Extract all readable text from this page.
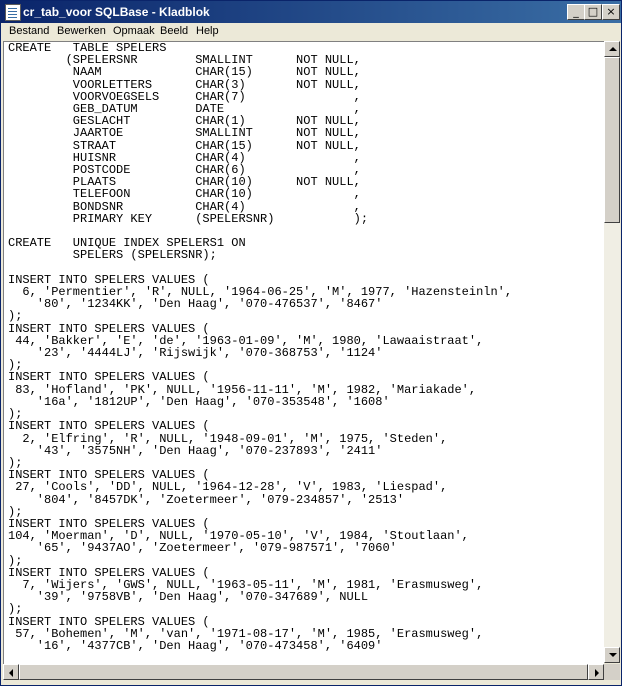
cr_tab_voor SQLBase - Kladblok	_ □ ×
Bestand Bewerken Opmaak Beeld Help
CREATE   TABLE SPELERS
(SPELERSNR        SMALLINT      NOT NULL,
NAAM             CHAR(15)      NOT NULL,
VOORLETTERS      CHAR(3)       NOT NULL,
VOORVOEGSELS     CHAR(7)               ,
GEB_DATUM        DATE                  ,
GESLACHT         CHAR(1)       NOT NULL,
JAARTOE          SMALLINT      NOT NULL,
STRAAT           CHAR(15)      NOT NULL,
HUISNR           CHAR(4)               ,
POSTCODE         CHAR(6)               ,
PLAATS           CHAR(10)      NOT NULL,
TELEFOON         CHAR(10)              ,
BONDSNR          CHAR(4)               ,
PRIMARY KEY      (SPELERSNR)           );

CREATE   UNIQUE INDEX SPELERS1 ON
SPELERS (SPELERSNR);

INSERT INTO SPELERS VALUES (
6, 'Permentier', 'R', NULL, '1964-06-25', 'M', 1977, 'Hazensteinln',
'80', '1234KK', 'Den Haag', '070-476537', '8467'
);
INSERT INTO SPELERS VALUES (
44, 'Bakker', 'E', 'de', '1963-01-09', 'M', 1980, 'Lawaaistraat',
'23', '4444LJ', 'Rijswijk', '070-368753', '1124'
);
INSERT INTO SPELERS VALUES (
83, 'Hofland', 'PK', NULL, '1956-11-11', 'M', 1982, 'Mariakade',
'16a', '1812UP', 'Den Haag', '070-353548', '1608'
);
INSERT INTO SPELERS VALUES (
2, 'Elfring', 'R', NULL, '1948-09-01', 'M', 1975, 'Steden',
'43', '3575NH', 'Den Haag', '070-237893', '2411'
);
INSERT INTO SPELERS VALUES (
27, 'Cools', 'DD', NULL, '1964-12-28', 'V', 1983, 'Liespad',
'804', '8457DK', 'Zoetermeer', '079-234857', '2513'
);
INSERT INTO SPELERS VALUES (
104, 'Moerman', 'D', NULL, '1970-05-10', 'V', 1984, 'Stoutlaan',
'65', '9437AO', 'Zoetermeer', '079-987571', '7060'
);
INSERT INTO SPELERS VALUES (
7, 'Wijers', 'GWS', NULL, '1963-05-11', 'M', 1981, 'Erasmusweg',
'39', '9758VB', 'Den Haag', '070-347689', NULL
);
INSERT INTO SPELERS VALUES (
57, 'Bohemen', 'M', 'van', '1971-08-17', 'M', 1985, 'Erasmusweg',
'16', '4377CB', 'Den Haag', '070-473458', '6409'
